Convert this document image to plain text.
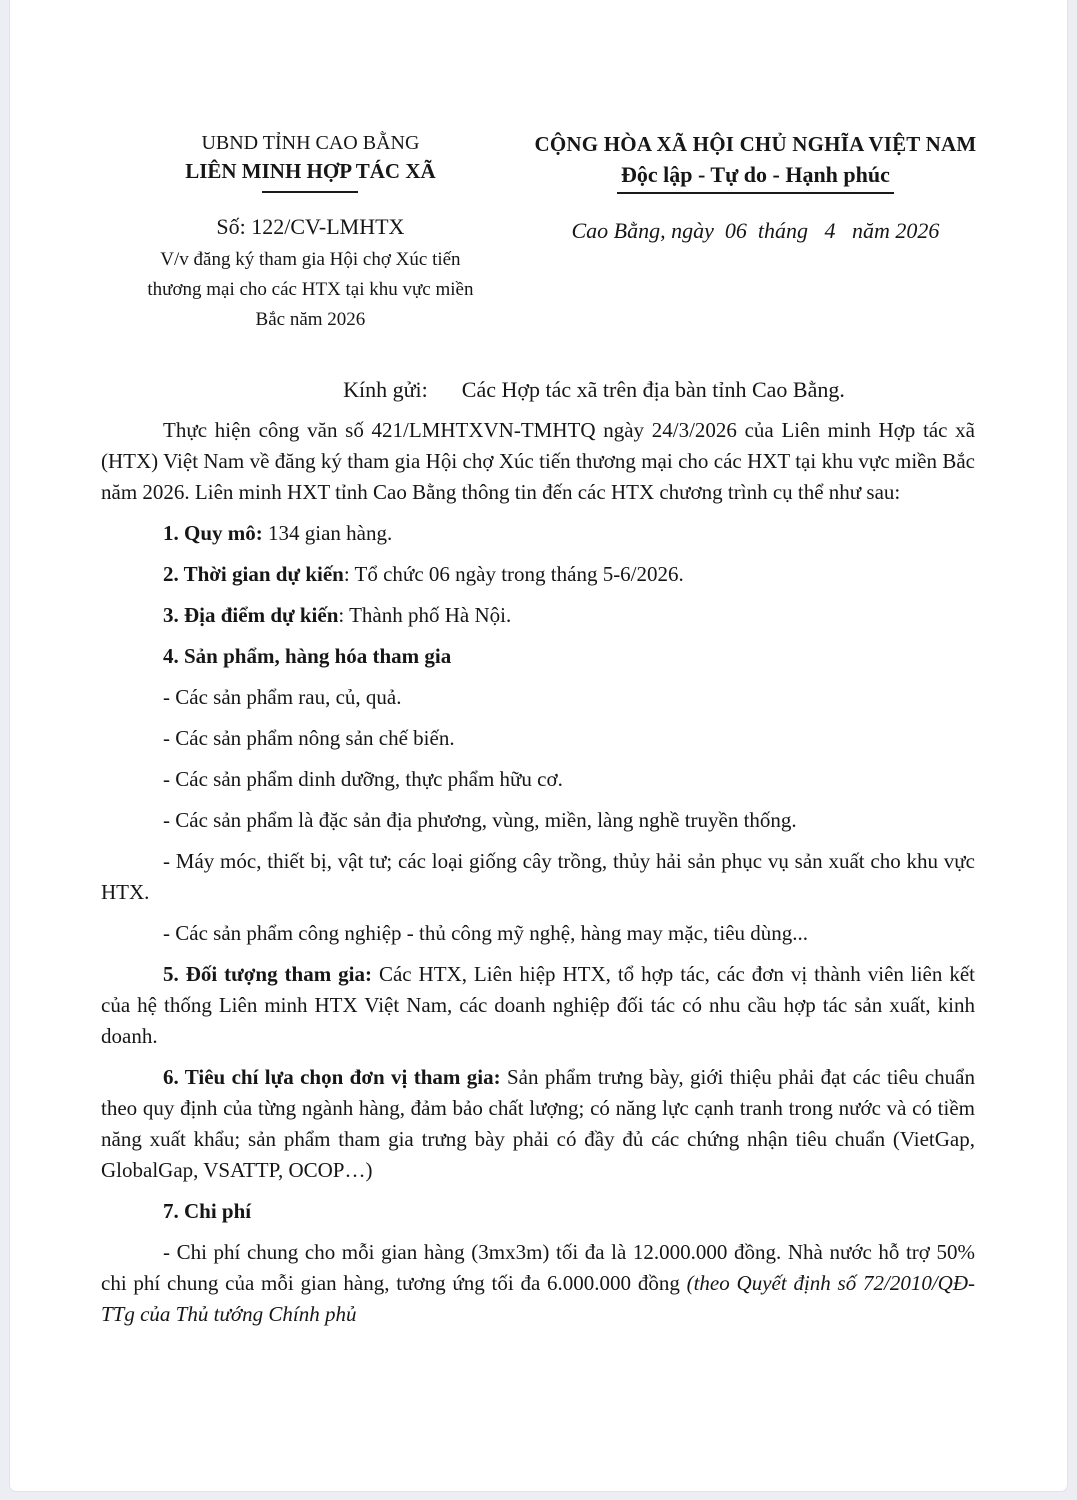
UBND TỈNH CAO BẰNG
LIÊN MINH HỢP TÁC XÃ
Số: 122/CV-LMHTX
V/v đăng ký tham gia Hội chợ Xúc tiến thương mại cho các HTX tại khu vực miền Bắc năm 2026
CỘNG HÒA XÃ HỘI CHỦ NGHĨA VIỆT NAM
Độc lập - Tự do - Hạnh phúc
Cao Bằng, ngày  06  tháng   4   năm 2026
Kính gửi: Các Hợp tác xã trên địa bàn tỉnh Cao Bằng.

Thực hiện công văn số 421/LMHTXVN-TMHTQ ngày 24/3/2026 của Liên minh Hợp tác xã (HTX) Việt Nam về đăng ký tham gia Hội chợ Xúc tiến thương mại cho các HXT tại khu vực miền Bắc năm 2026. Liên minh HXT tỉnh Cao Bằng thông tin đến các HTX chương trình cụ thể như sau:

1. Quy mô: 134 gian hàng.

2. Thời gian dự kiến: Tổ chức 06 ngày trong tháng 5-6/2026.

3. Địa điểm dự kiến: Thành phố Hà Nội.

4. Sản phẩm, hàng hóa tham gia

- Các sản phẩm rau, củ, quả.

- Các sản phẩm nông sản chế biến.

- Các sản phẩm dinh dưỡng, thực phẩm hữu cơ.

- Các sản phẩm là đặc sản địa phương, vùng, miền, làng nghề truyền thống.

- Máy móc, thiết bị, vật tư; các loại giống cây trồng, thủy hải sản phục vụ sản xuất cho khu vực HTX.

- Các sản phẩm công nghiệp - thủ công mỹ nghệ, hàng may mặc, tiêu dùng...

5. Đối tượng tham gia: Các HTX, Liên hiệp HTX, tổ hợp tác, các đơn vị thành viên liên kết của hệ thống Liên minh HTX Việt Nam, các doanh nghiệp đối tác có nhu cầu hợp tác sản xuất, kinh doanh.

6. Tiêu chí lựa chọn đơn vị tham gia: Sản phẩm trưng bày, giới thiệu phải đạt các tiêu chuẩn theo quy định của từng ngành hàng, đảm bảo chất lượng; có năng lực cạnh tranh trong nước và có tiềm năng xuất khẩu; sản phẩm tham gia trưng bày phải có đầy đủ các chứng nhận tiêu chuẩn (VietGap, GlobalGap, VSATTP, OCOP…)

7. Chi phí

- Chi phí chung cho mỗi gian hàng (3mx3m) tối đa là 12.000.000 đồng. Nhà nước hỗ trợ 50% chi phí chung của mỗi gian hàng, tương ứng tối đa 6.000.000 đồng (theo Quyết định số 72/2010/QĐ-TTg của Thủ tướng Chính phủ
